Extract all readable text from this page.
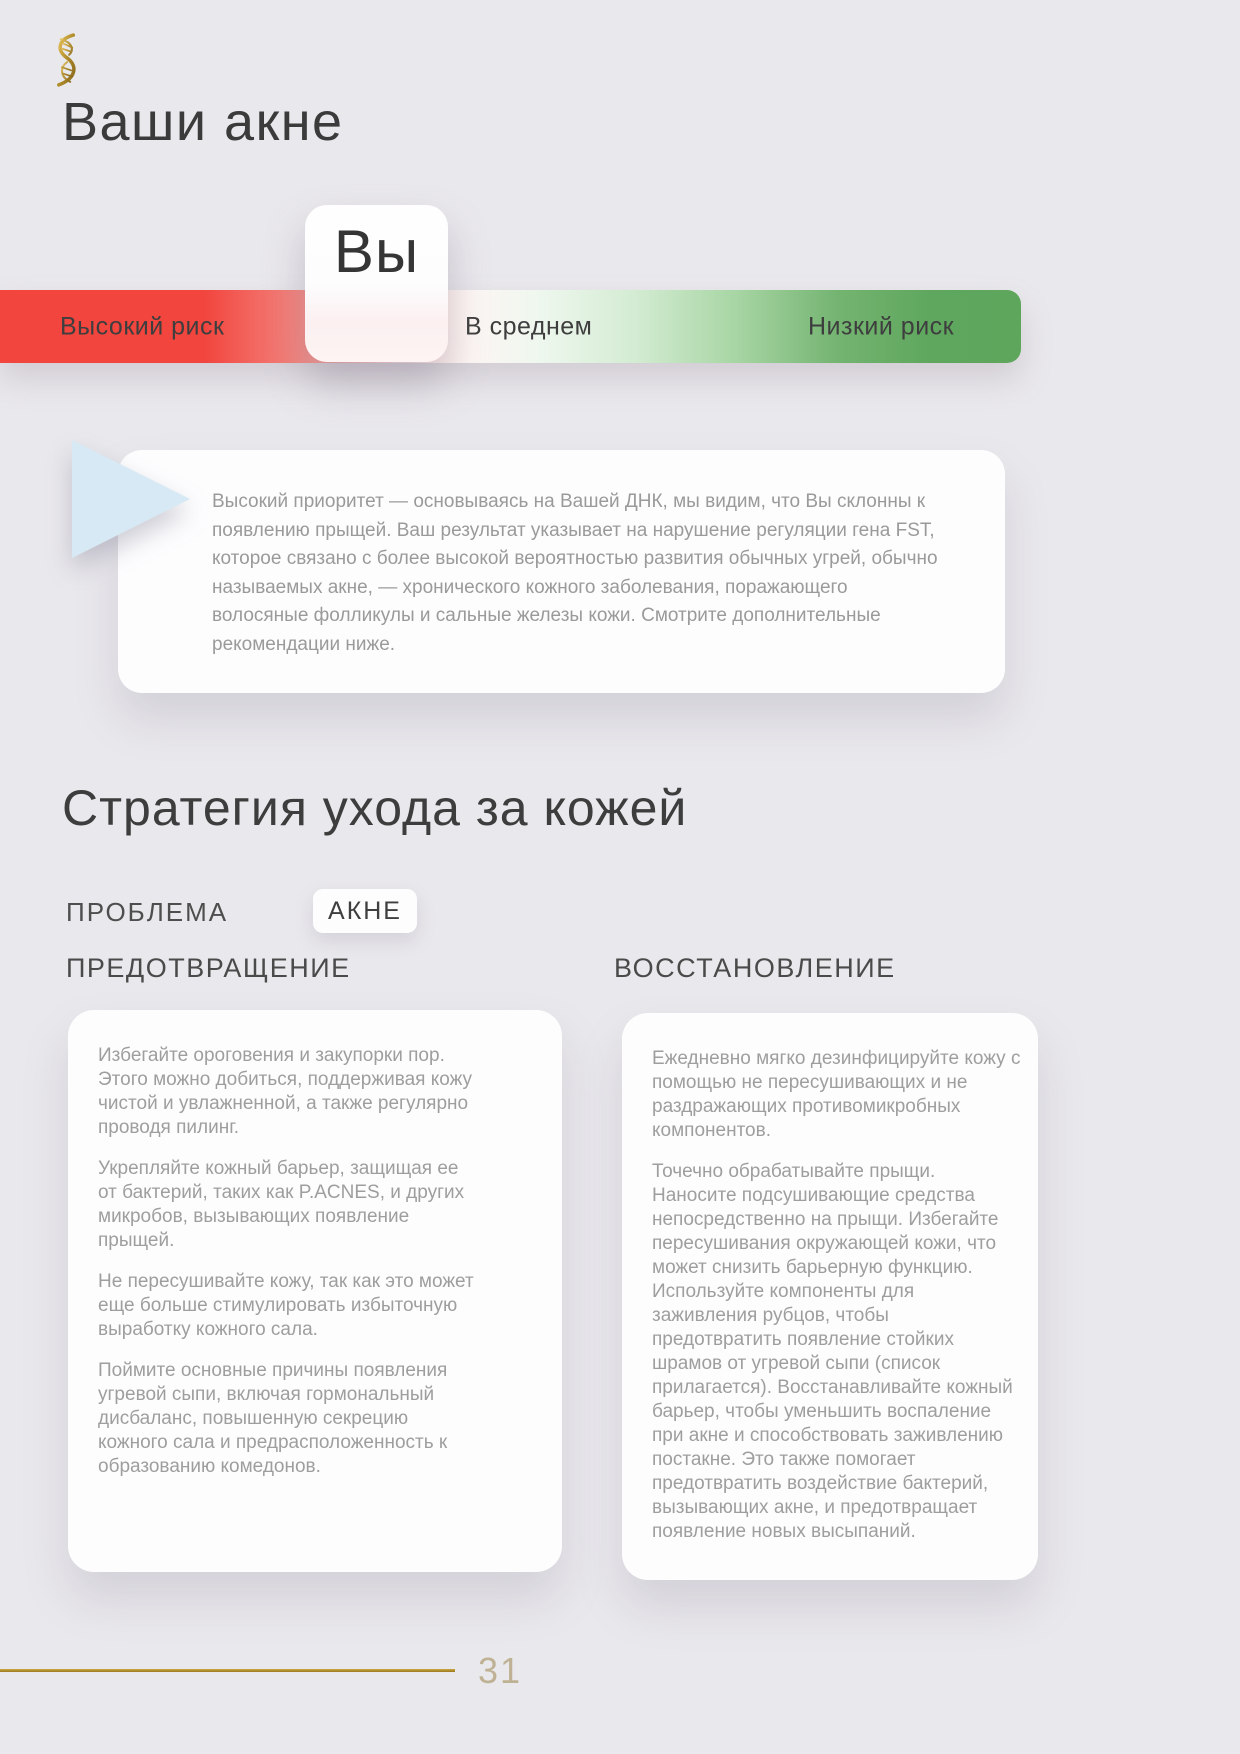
Ваши акне
Высокий риск	В среднем	Низкий риск
Вы

Высокий приоритет — основываясь на Вашей ДНК, мы видим, что Вы склонны к появлению прыщей. Ваш результат указывает на нарушение регуляции гена FST, которое связано с более высокой вероятностью развития обычных угрей, обычно называемых акне, — хронического кожного заболевания, поражающего волосяные фолликулы и сальные железы кожи. Смотрите дополнительные рекомендации ниже.

Стратегия ухода за кожей
ПРОБЛЕМА	АКНЕ
ПРЕДОТВРАЩЕНИЕ	ВОССТАНОВЛЕНИЕ

Избегайте ороговения и закупорки пор. Этого можно добиться, поддерживая кожу чистой и увлажненной, а также регулярно проводя пилинг.

Укрепляйте кожный барьер, защищая ее от бактерий, таких как P.ACNES, и других микробов, вызывающих появление прыщей.

Не пересушивайте кожу, так как это может еще больше стимулировать избыточную выработку кожного сала.

Поймите основные причины появления угревой сыпи, включая гормональный дисбаланс, повышенную секрецию кожного сала и предрасположенность к образованию комедонов.

Ежедневно мягко дезинфицируйте кожу с помощью не пересушивающих и не раздражающих противомикробных компонентов.

Точечно обрабатывайте прыщи. Наносите подсушивающие средства непосредственно на прыщи. Избегайте пересушивания окружающей кожи, что может снизить барьерную функцию. Используйте компоненты для заживления рубцов, чтобы предотвратить появление стойких шрамов от угревой сыпи (список прилагается). Восстанавливайте кожный барьер, чтобы уменьшить воспаление при акне и способствовать заживлению постакне. Это также помогает предотвратить воздействие бактерий, вызывающих акне, и предотвращает появление новых высыпаний.

31
